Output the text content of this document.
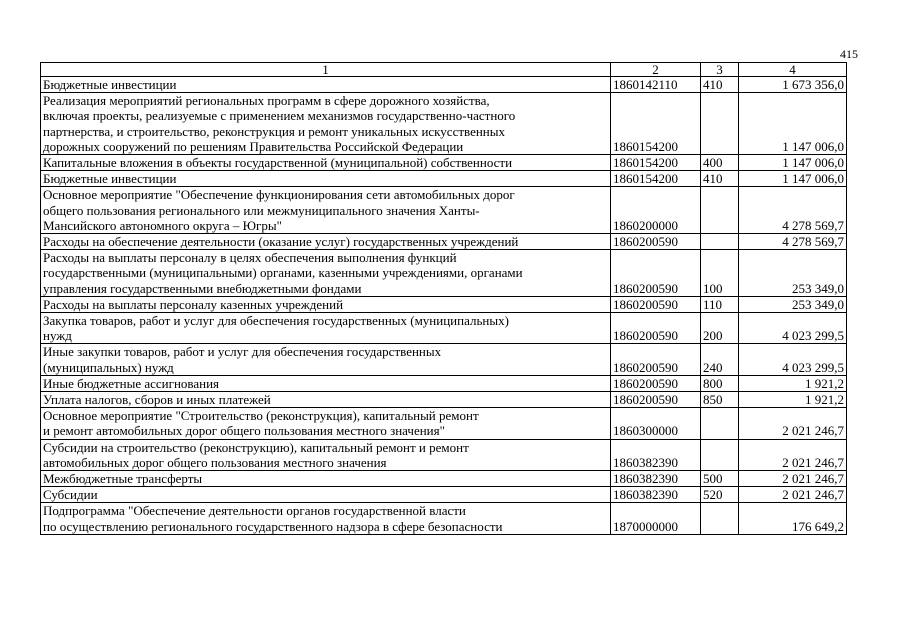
415
1	2	3	4
Бюджетные инвестиции	1860142110	410	1 673 356,0
Реализация мероприятий региональных программ в сфере дорожного хозяйства,
включая проекты, реализуемые с применением механизмов государственно-частного
партнерства, и строительство, реконструкция и ремонт уникальных искусственных
дорожных сооружений по решениям Правительства Российской Федерации	1860154200		1 147 006,0
Капитальные вложения в объекты государственной (муниципальной) собственности	1860154200	400	1 147 006,0
Бюджетные инвестиции	1860154200	410	1 147 006,0
Основное мероприятие "Обеспечение функционирования сети автомобильных дорог
общего пользования регионального или межмуниципального значения Ханты-
Мансийского автономного округа – Югры"	1860200000		4 278 569,7
Расходы на обеспечение деятельности (оказание услуг) государственных учреждений	1860200590		4 278 569,7
Расходы на выплаты персоналу в целях обеспечения выполнения функций
государственными (муниципальными) органами, казенными учреждениями, органами
управления государственными внебюджетными фондами	1860200590	100	253 349,0
Расходы на выплаты персоналу казенных учреждений	1860200590	110	253 349,0
Закупка товаров, работ и услуг для обеспечения государственных (муниципальных)
нужд	1860200590	200	4 023 299,5
Иные закупки товаров, работ и услуг для обеспечения государственных
(муниципальных) нужд	1860200590	240	4 023 299,5
Иные бюджетные ассигнования	1860200590	800	1 921,2
Уплата налогов, сборов и иных платежей	1860200590	850	1 921,2
Основное мероприятие "Строительство (реконструкция), капитальный ремонт
и ремонт автомобильных дорог общего пользования местного значения"	1860300000		2 021 246,7
Субсидии на строительство (реконструкцию), капитальный ремонт и ремонт
автомобильных дорог общего пользования местного значения	1860382390		2 021 246,7
Межбюджетные трансферты	1860382390	500	2 021 246,7
Субсидии	1860382390	520	2 021 246,7
Подпрограмма "Обеспечение деятельности органов государственной власти
по осуществлению регионального государственного надзора в сфере безопасности	1870000000		176 649,2
